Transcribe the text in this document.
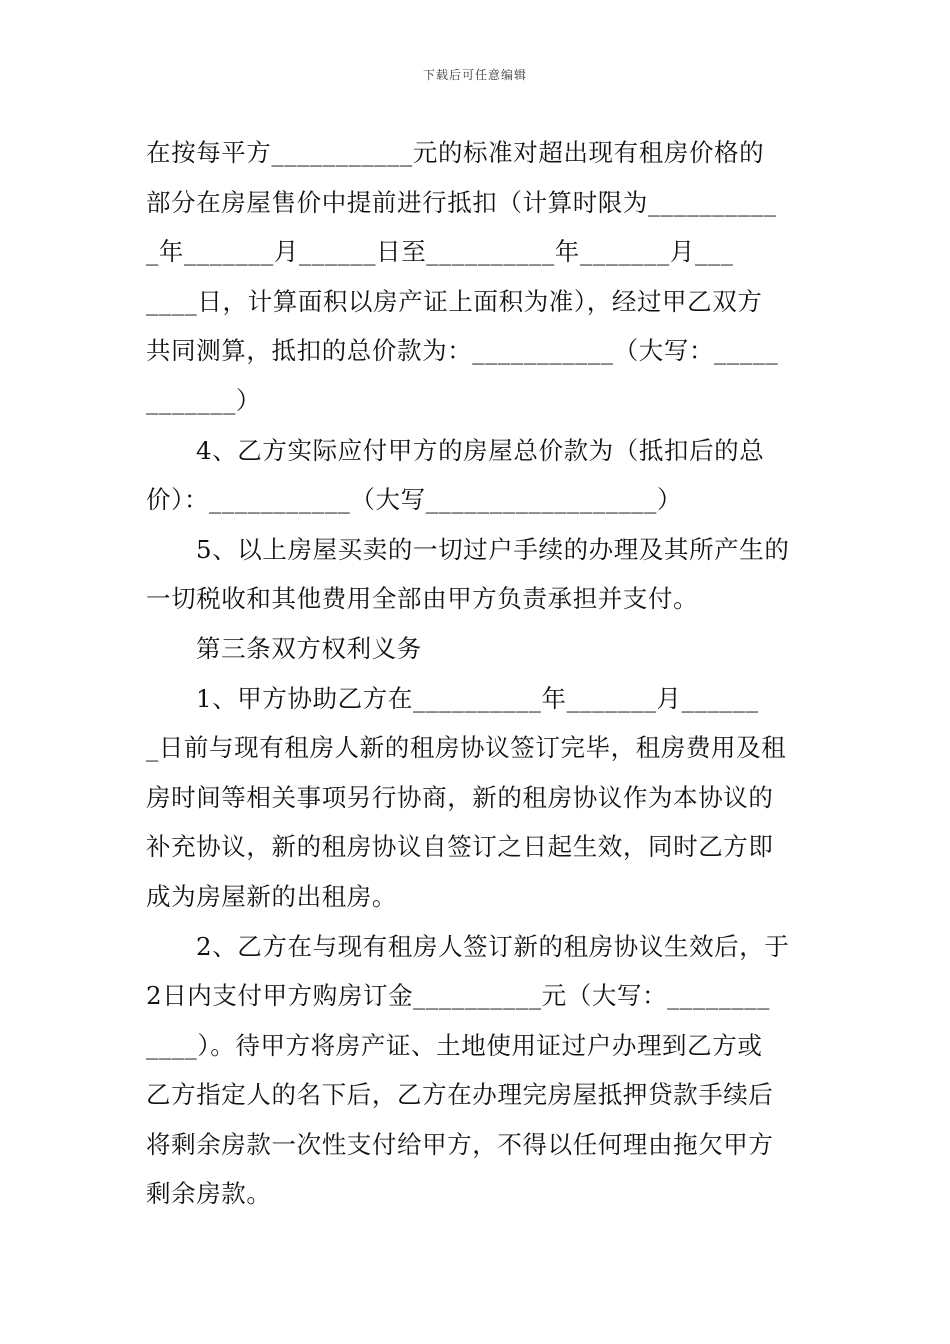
下载后可任意编辑
在按每平方___________元的标准对超出现有租房价格的
部分在房屋售价中提前进行抵扣（计算时限为__________
_年_______月______日至__________年_______月___
____日，计算面积以房产证上面积为准），经过甲乙双方
共同测算，抵扣的总价款为：___________（大写：_____
_______）
4、乙方实际应付甲方的房屋总价款为（抵扣后的总
价）：___________（大写__________________）
5、以上房屋买卖的一切过户手续的办理及其所产生的
一切税收和其他费用全部由甲方负责承担并支付。
第三条双方权利义务
1、甲方协助乙方在__________年_______月______
_日前与现有租房人新的租房协议签订完毕，租房费用及租
房时间等相关事项另行协商，新的租房协议作为本协议的
补充协议，新的租房协议自签订之日起生效，同时乙方即
成为房屋新的出租房。
2、乙方在与现有租房人签订新的租房协议生效后，于
2日内支付甲方购房订金__________元（大写：________
____）。待甲方将房产证、土地使用证过户办理到乙方或
乙方指定人的名下后，乙方在办理完房屋抵押贷款手续后
将剩余房款一次性支付给甲方，不得以任何理由拖欠甲方
剩余房款。
